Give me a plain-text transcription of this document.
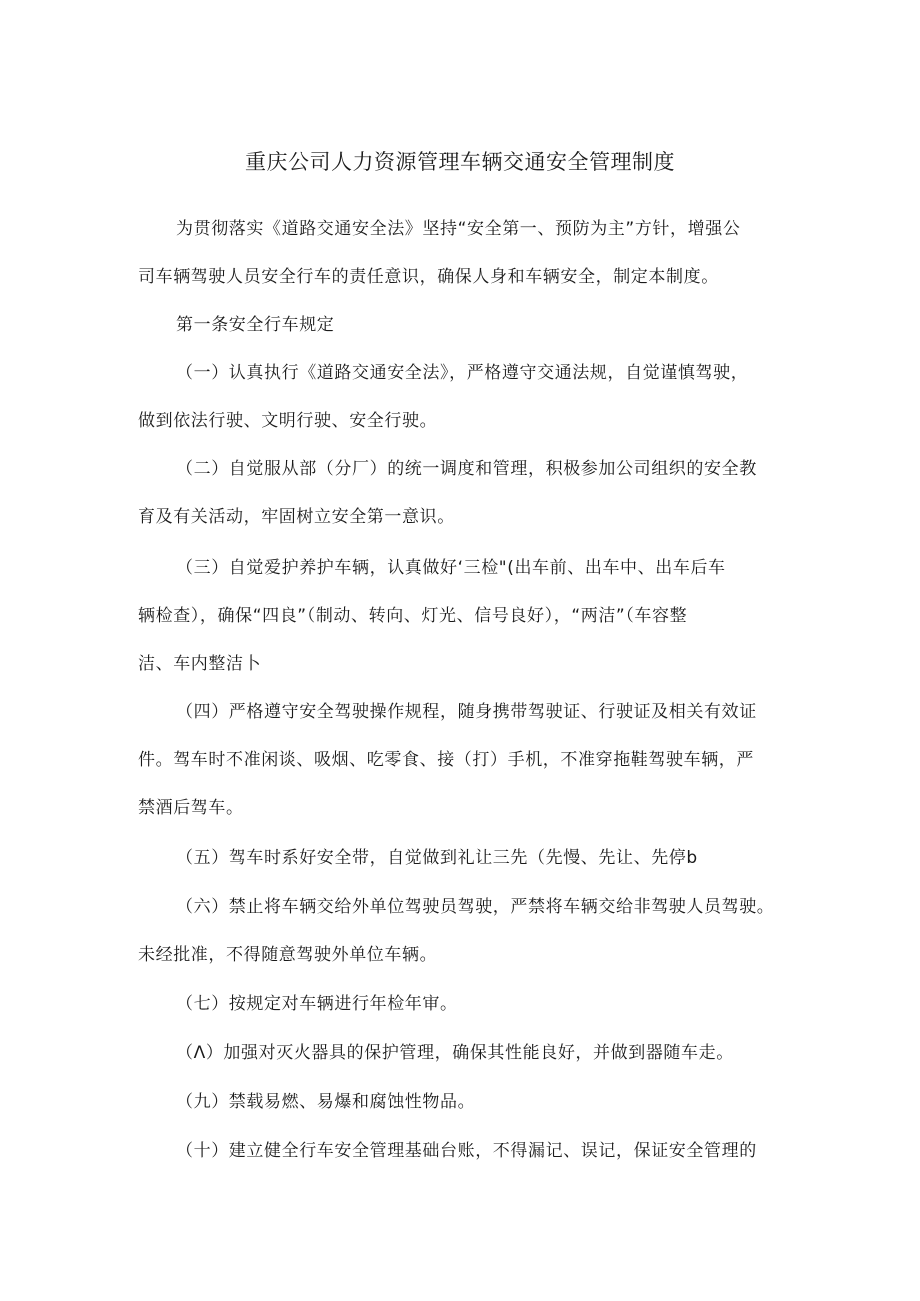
重庆公司人力资源管理车辆交通安全管理制度
为贯彻落实《道路交通安全法》坚持“安全第一、预防为主”方针，增强公
司车辆驾驶人员安全行车的责任意识，确保人身和车辆安全，制定本制度。
第一条安全行车规定
（一）认真执行《道路交通安全法》，严格遵守交通法规，自觉谨慎驾驶，
做到依法行驶、文明行驶、安全行驶。
（二）自觉服从部（分厂）的统一调度和管理，积极参加公司组织的安全教
育及有关活动，牢固树立安全第一意识。
（三）自觉爱护养护车辆，认真做好‘三检"(出车前、出车中、出车后车
辆检查），确保“四良”（制动、转向、灯光、信号良好），“两洁”（车容整
洁、车内整洁卜
（四）严格遵守安全驾驶操作规程，随身携带驾驶证、行驶证及相关有效证
件。驾车时不准闲谈、吸烟、吃零食、接（打）手机，不准穿拖鞋驾驶车辆，严
禁酒后驾车。
（五）驾车时系好安全带，自觉做到礼让三先（先慢、先让、先停b
（六）禁止将车辆交给外单位驾驶员驾驶，严禁将车辆交给非驾驶人员驾驶。
未经批准，不得随意驾驶外单位车辆。
（七）按规定对车辆进行年检年审。
（Λ）加强对灭火器具的保护管理，确保其性能良好，并做到器随车走。
（九）禁载易燃、易爆和腐蚀性物品。
（十）建立健全行车安全管理基础台账，不得漏记、误记，保证安全管理的
